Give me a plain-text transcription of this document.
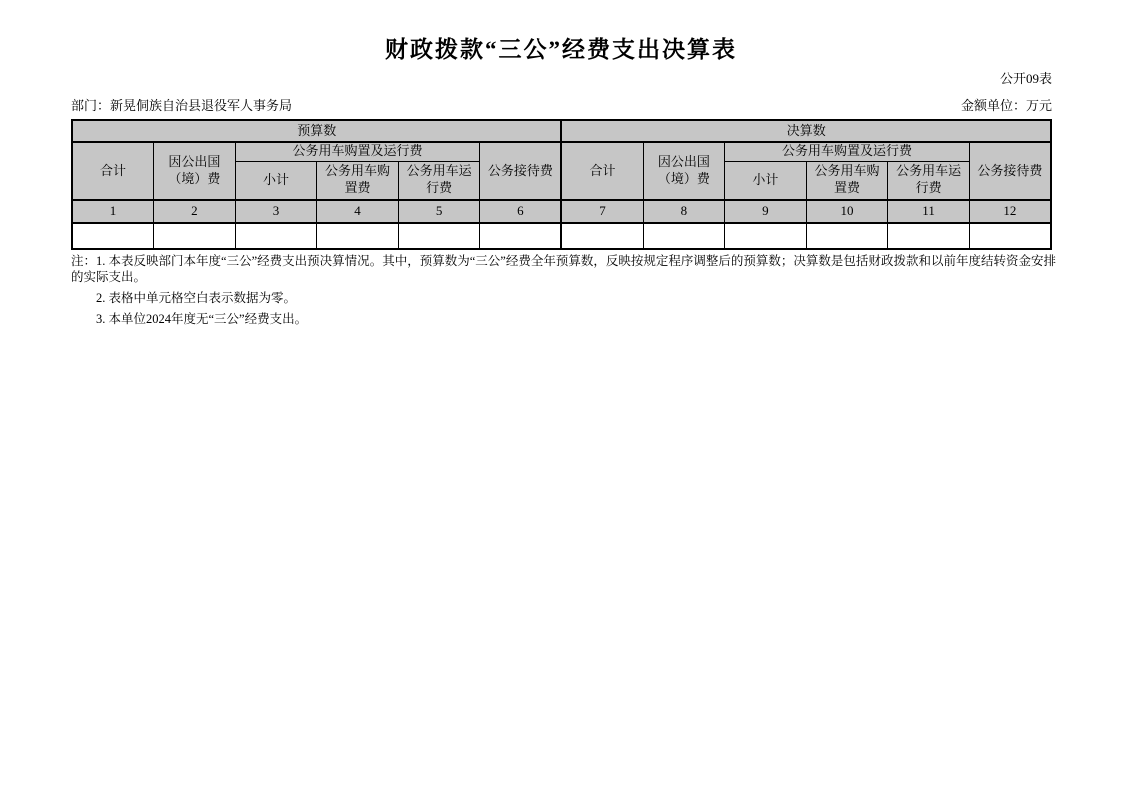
财政拨款“三公”经费支出决算表
公开09表
部门：新晃侗族自治县退役军人事务局	金额单位：万元
预算数						决算数					
合计	因公出国（境）费	公务用车购置及运行费			公务接待费	合计	因公出国（境）费	公务用车购置及运行费			公务接待费
		小计	公务用车购置费	公务用车运行费				小计	公务用车购置费	公务用车运行费	
1	2	3	4	5	6	7	8	9	10	11	12

注：1. 本表反映部门本年度“三公”经费支出预决算情况。其中，预算数为“三公”经费全年预算数，反映按规定程序调整后的预算数；决算数是包括财政拨款和以前年度结转资金安排的实际支出。
2. 表格中单元格空白表示数据为零。
3. 本单位2024年度无“三公”经费支出。
